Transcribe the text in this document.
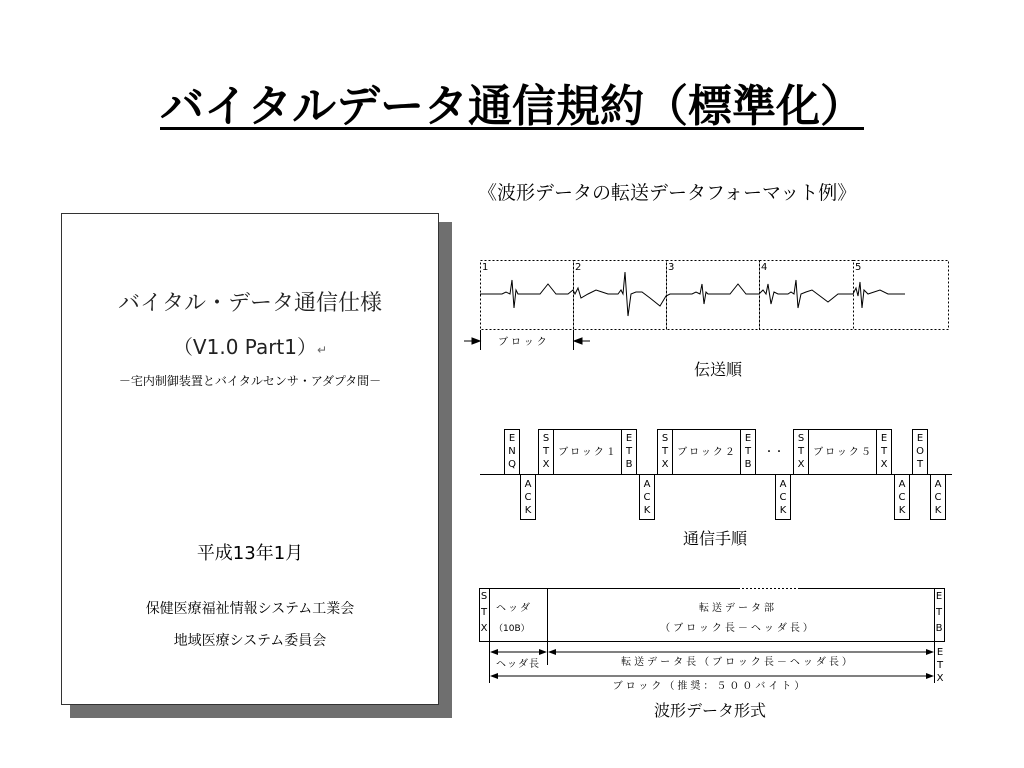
バイタルデータ通信規約（標準化）
《波形データの転送データフォーマット例》
バイタル・データ通信仕様
（V1.0 Part1）↵
－宅内制御装置とバイタルセンサ・アダプタ間－
平成13年1月
保健医療福祉情報システム工業会
地域医療システム委員会
1	2	3	4	5
ブロック
伝送順
E
N
Q
S
T
X
E
T
B
S
T
X
E
T
B
S
T
X
E
T
X
E
O
T
ブロック１	ブロック２	ブロック５
・・
A
C
K
A
C
K
A
C
K
A
C
K
A
C
K
通信手順
S
T
X
E
T
B
ヘッダ
（10B）
転送データ部
（ブロック長－ヘッダ長）
ヘッダ長	転送データ長（ブロック長－ヘッダ長）
ブロック（推奨：５００バイト）
E
T
X
波形データ形式
